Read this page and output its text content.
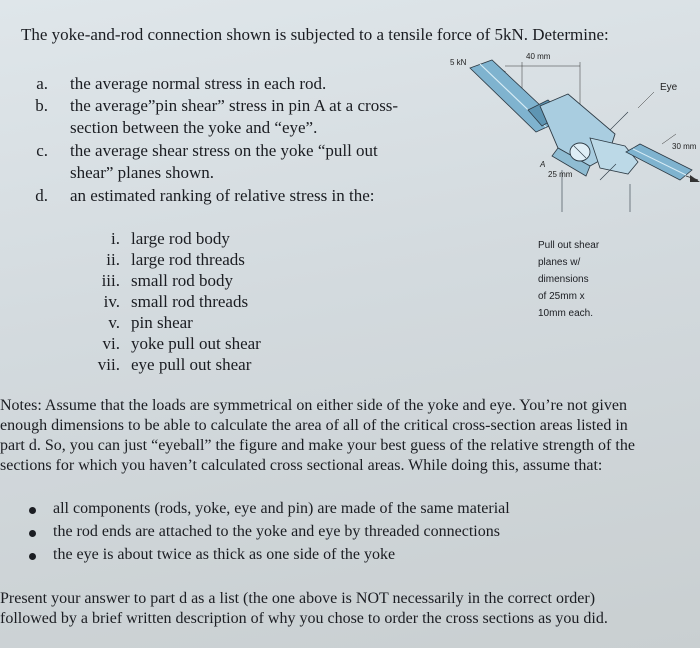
The yoke-and-rod connection shown is subjected to a tensile force of 5kN. Determine:
a. the average normal stress in each rod.
b. the average”pin shear” stress in pin A at a cross-
section between the yoke and “eye”.
c. the average shear stress on the yoke “pull out
shear” planes shown.
d. an estimated ranking of relative stress in the:
i. large rod body
ii. large rod threads
iii. small rod body
iv. small rod threads
v. pin shear
vi. yoke pull out shear
vii. eye pull out shear
40 mm
5 kN
Eye
30 mm
A
25 mm
Pull out shear
planes w/
dimensions
of 25mm x
10mm each.
Notes: Assume that the loads are symmetrical on either side of the yoke and eye. You’re not given
enough dimensions to be able to calculate the area of all of the critical cross-section areas listed in
part d. So, you can just “eyeball” the figure and make your best guess of the relative strength of the
sections for which you haven’t calculated cross sectional areas. While doing this, assume that:
all components (rods, yoke, eye and pin) are made of the same material
the rod ends are attached to the yoke and eye by threaded connections
the eye is about twice as thick as one side of the yoke
Present your answer to part d as a list (the one above is NOT necessarily in the correct order)
followed by a brief written description of why you chose to order the cross sections as you did.
